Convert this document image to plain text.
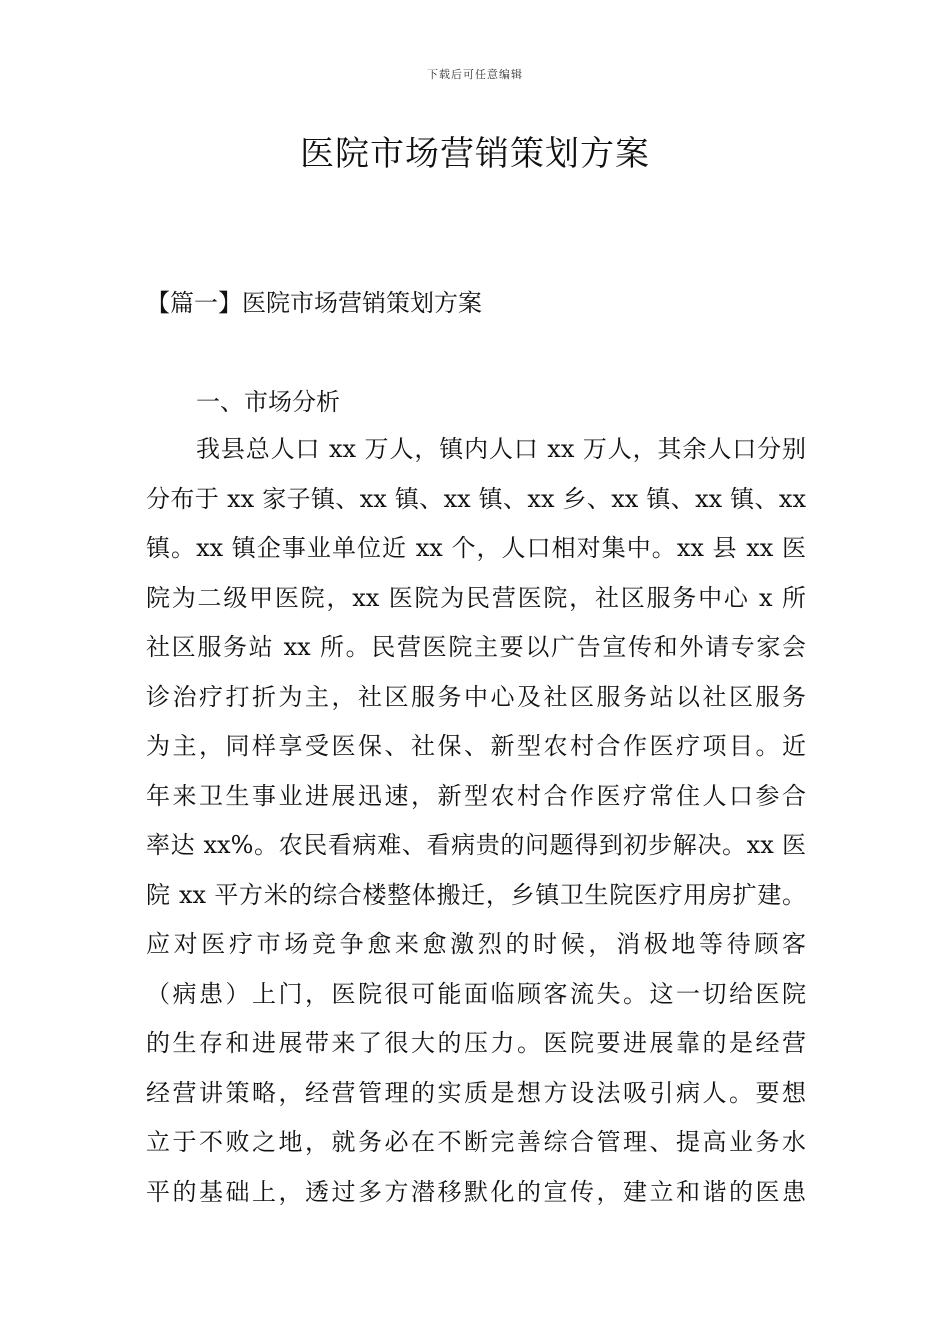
下载后可任意编辑
医院市场营销策划方案
【篇一】医院市场营销策划方案
一、市场分析
我县总人口 xx 万人，镇内人口 xx 万人，其余人口分别
分布于 xx 家子镇、xx 镇、xx 镇、xx 乡、xx 镇、xx 镇、xx
镇。xx 镇企事业单位近 xx 个，人口相对集中。xx 县 xx 医
院为二级甲医院，xx 医院为民营医院，社区服务中心 x 所
社区服务站 xx 所。民营医院主要以广告宣传和外请专家会
诊治疗打折为主，社区服务中心及社区服务站以社区服务
为主，同样享受医保、社保、新型农村合作医疗项目。近
年来卫生事业进展迅速，新型农村合作医疗常住人口参合
率达 xx%。农民看病难、看病贵的问题得到初步解决。xx 医
院 xx 平方米的综合楼整体搬迁，乡镇卫生院医疗用房扩建。
应对医疗市场竞争愈来愈激烈的时候，消极地等待顾客
（病患）上门，医院很可能面临顾客流失。这一切给医院
的生存和进展带来了很大的压力。医院要进展靠的是经营
经营讲策略，经营管理的实质是想方设法吸引病人。要想
立于不败之地，就务必在不断完善综合管理、提高业务水
平的基础上，透过多方潜移默化的宣传，建立和谐的医患
